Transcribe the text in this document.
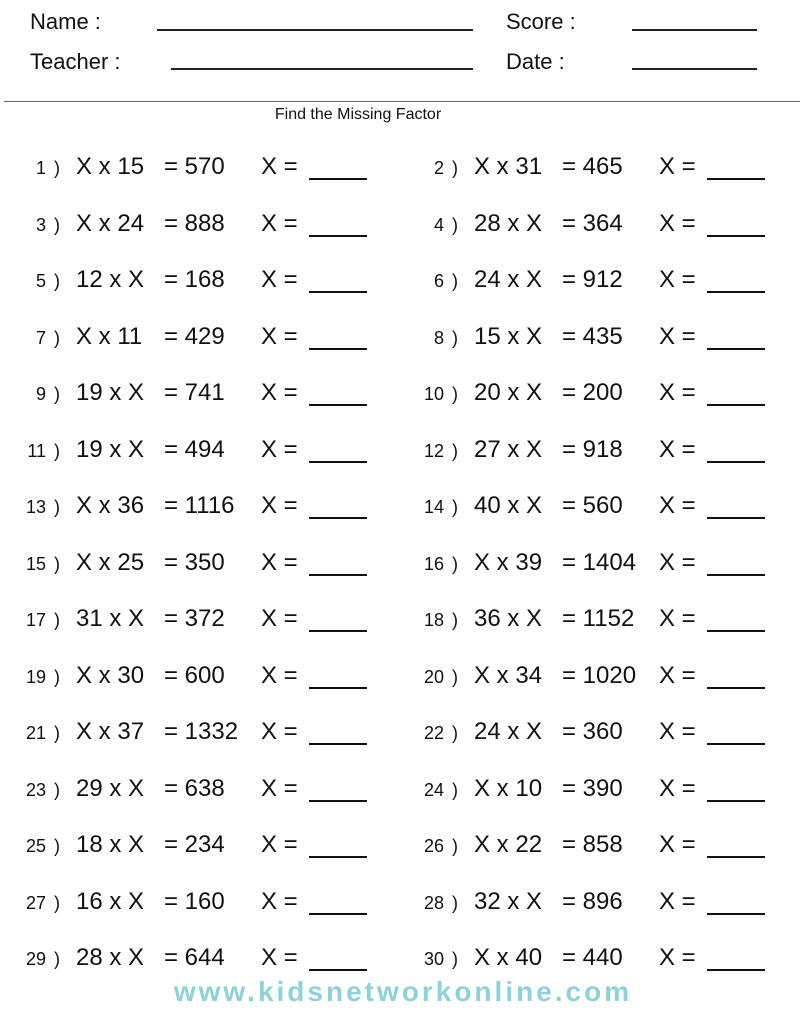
Name :	Score :
Teacher :	Date :
Find the Missing Factor
1 ) X x 15 = 570 X =	2 ) X x 31 = 465 X =
3 ) X x 24 = 888 X =	4 ) 28 x X = 364 X =
5 ) 12 x X = 168 X =	6 ) 24 x X = 912 X =
7 ) X x 11 = 429 X =	8 ) 15 x X = 435 X =
9 ) 19 x X = 741 X =	10 ) 20 x X = 200 X =
11 ) 19 x X = 494 X =	12 ) 27 x X = 918 X =
13 ) X x 36 = 1116 X =	14 ) 40 x X = 560 X =
15 ) X x 25 = 350 X =	16 ) X x 39 = 1404 X =
17 ) 31 x X = 372 X =	18 ) 36 x X = 1152 X =
19 ) X x 30 = 600 X =	20 ) X x 34 = 1020 X =
21 ) X x 37 = 1332 X =	22 ) 24 x X = 360 X =
23 ) 29 x X = 638 X =	24 ) X x 10 = 390 X =
25 ) 18 x X = 234 X =	26 ) X x 22 = 858 X =
27 ) 16 x X = 160 X =	28 ) 32 x X = 896 X =
29 ) 28 x X = 644 X =	30 ) X x 40 = 440 X =
www.kidsnetworkonline.com
